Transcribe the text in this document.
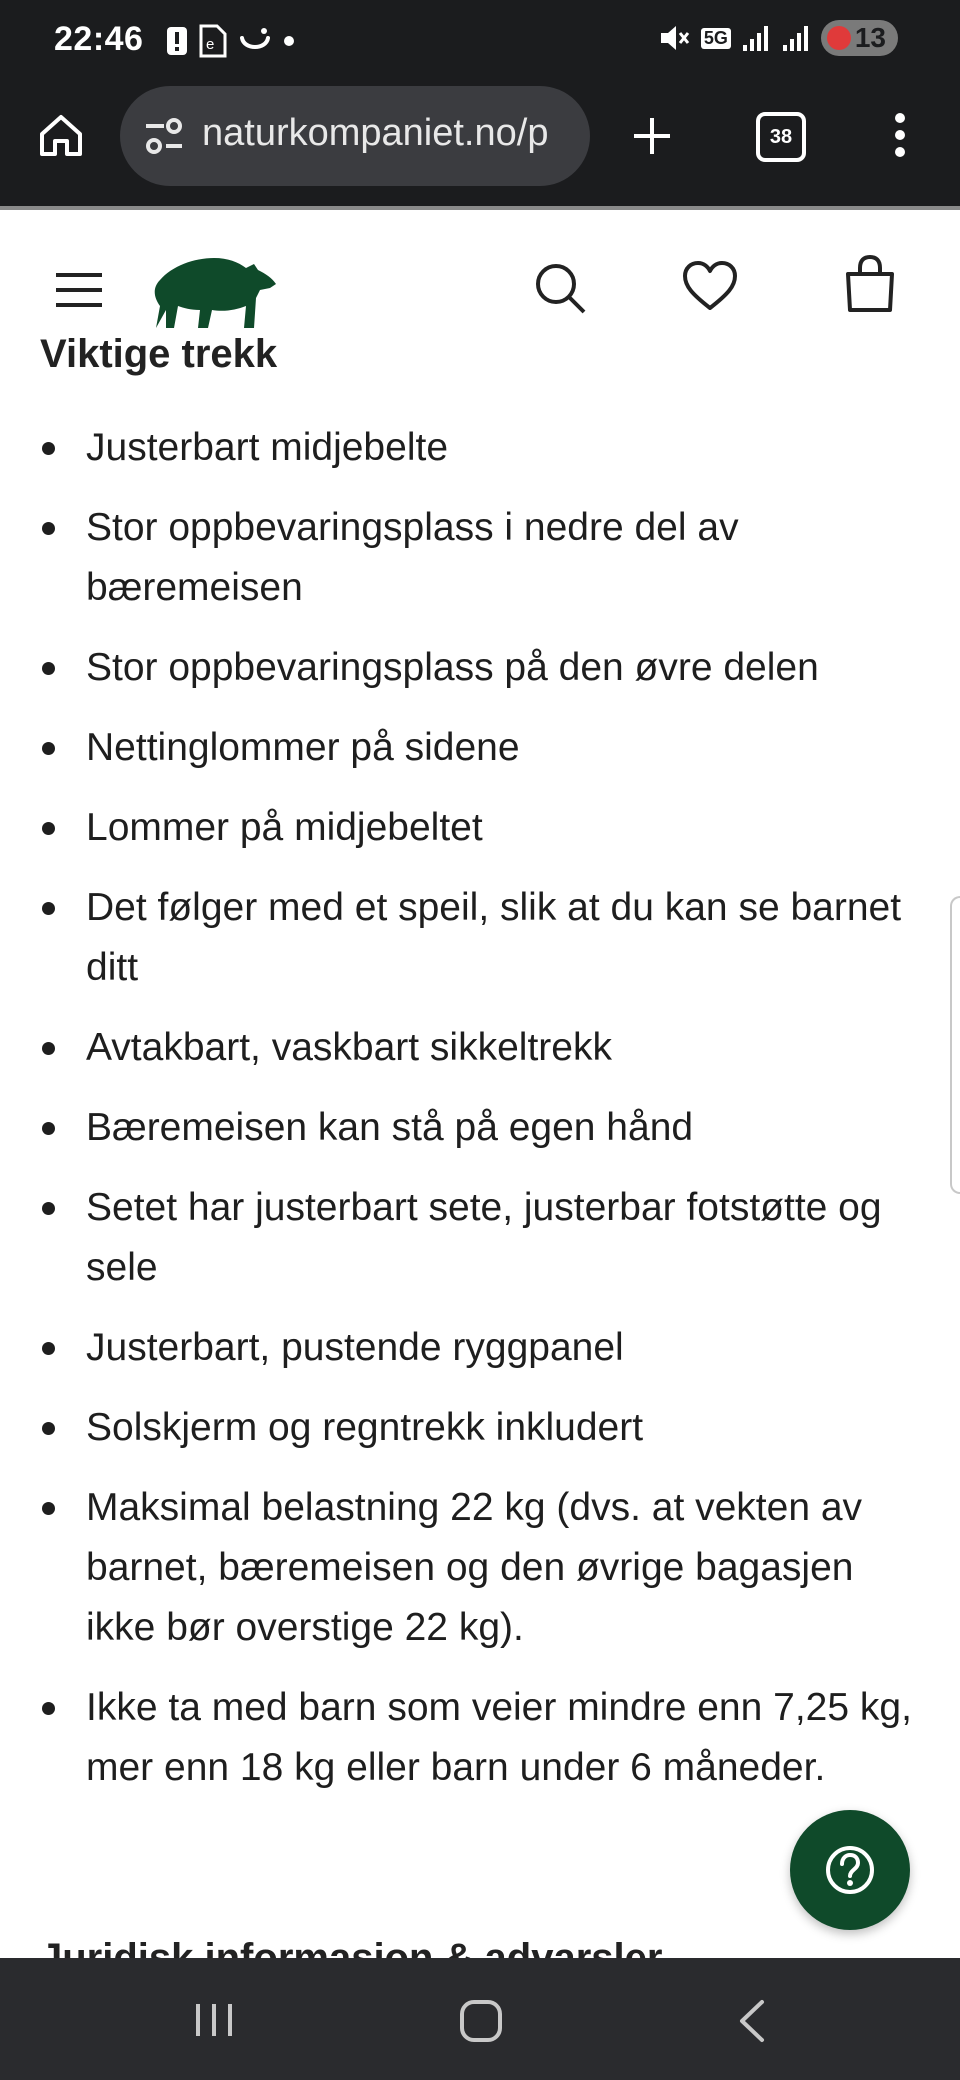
22:46	e	5G	13
naturkompaniet.no/p	38
Viktige trekk
Justerbart midjebelte
Stor oppbevaringsplass i nedre del av bæremeisen
Stor oppbevaringsplass på den øvre delen
Nettinglommer på sidene
Lommer på midjebeltet
Det følger med et speil, slik at du kan se barnet ditt
Avtakbart, vaskbart sikkeltrekk
Bæremeisen kan stå på egen hånd
Setet har justerbart sete, justerbar fotstøtte og sele
Justerbart, pustende ryggpanel
Solskjerm og regntrekk inkludert
Maksimal belastning 22 kg (dvs. at vekten av barnet, bæremeisen og den øvrige bagasjen ikke bør overstige 22 kg).
Ikke ta med barn som veier mindre enn 7,25 kg, mer enn 18 kg eller barn under 6 måneder.
